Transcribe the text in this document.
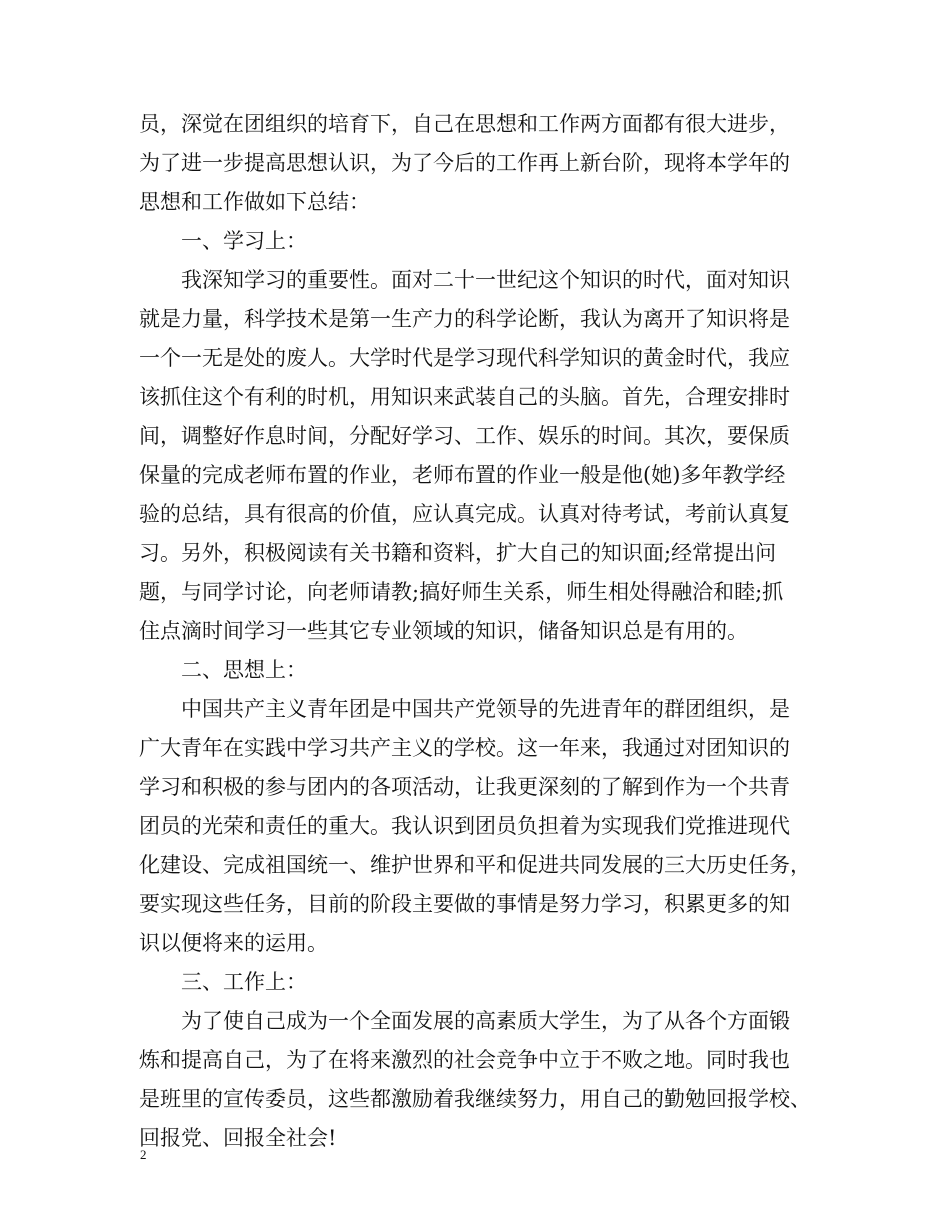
员，深觉在团组织的培育下，自己在思想和工作两方面都有很大进步，
为了进一步提高思想认识，为了今后的工作再上新台阶，现将本学年的
思想和工作做如下总结：
一、学习上：
我深知学习的重要性。面对二十一世纪这个知识的时代，面对知识
就是力量，科学技术是第一生产力的科学论断，我认为离开了知识将是
一个一无是处的废人。大学时代是学习现代科学知识的黄金时代，我应
该抓住这个有利的时机，用知识来武装自己的头脑。首先，合理安排时
间，调整好作息时间，分配好学习、工作、娱乐的时间。其次，要保质
保量的完成老师布置的作业，老师布置的作业一般是他(她)多年教学经
验的总结，具有很高的价值，应认真完成。认真对待考试，考前认真复
习。另外，积极阅读有关书籍和资料，扩大自己的知识面;经常提出问
题，与同学讨论，向老师请教;搞好师生关系，师生相处得融洽和睦;抓
住点滴时间学习一些其它专业领域的知识，储备知识总是有用的。
二、思想上：
中国共产主义青年团是中国共产党领导的先进青年的群团组织，是
广大青年在实践中学习共产主义的学校。这一年来，我通过对团知识的
学习和积极的参与团内的各项活动，让我更深刻的了解到作为一个共青
团员的光荣和责任的重大。我认识到团员负担着为实现我们党推进现代
化建设、完成祖国统一、维护世界和平和促进共同发展的三大历史任务，
要实现这些任务，目前的阶段主要做的事情是努力学习，积累更多的知
识以便将来的运用。
三、工作上：
为了使自己成为一个全面发展的高素质大学生，为了从各个方面锻
炼和提高自己，为了在将来激烈的社会竞争中立于不败之地。同时我也
是班里的宣传委员，这些都激励着我继续努力，用自己的勤勉回报学校、
回报党、回报全社会!
2
